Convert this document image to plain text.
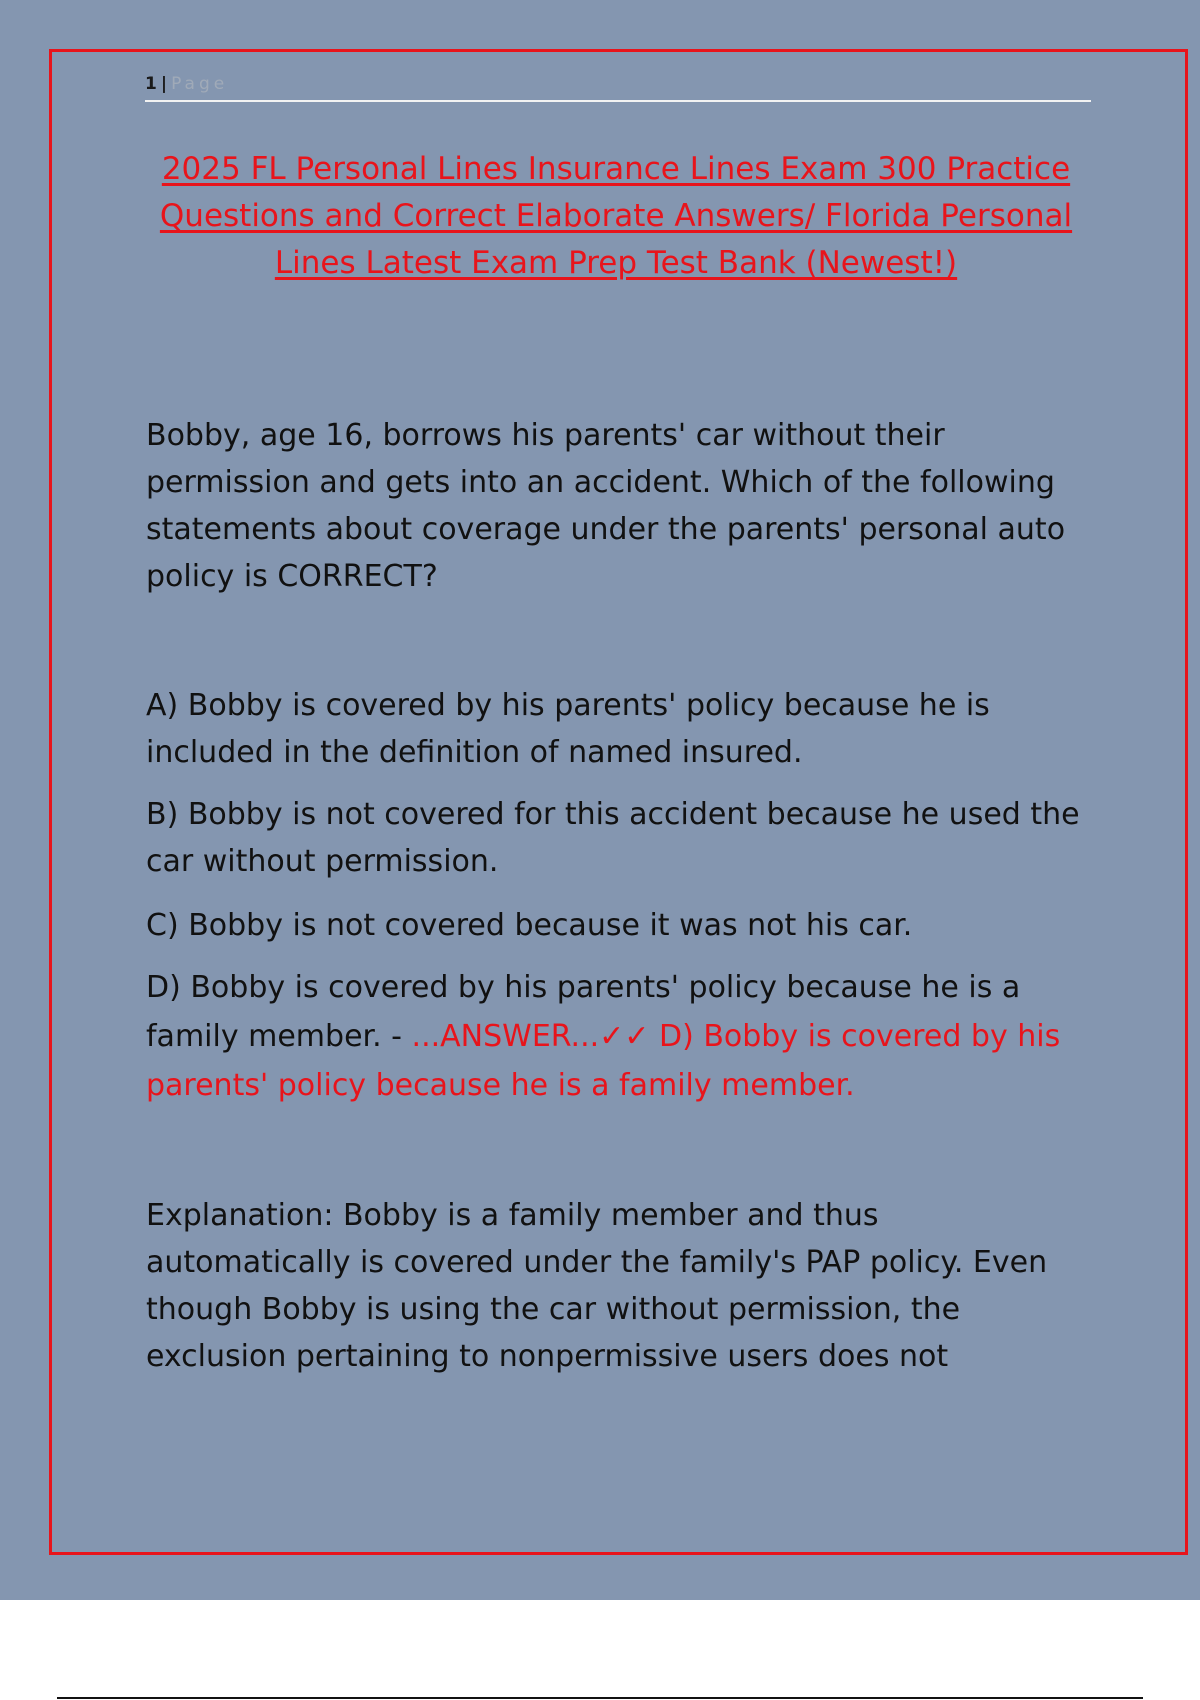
1 | Page
2025 FL Personal Lines Insurance Lines Exam 300 Practice Questions and Correct Elaborate Answers/ Florida Personal Lines Latest Exam Prep Test Bank (Newest!)

Bobby, age 16, borrows his parents' car without their permission and gets into an accident. Which of the following statements about coverage under the parents' personal auto policy is CORRECT?

A) Bobby is covered by his parents' policy because he is included in the definition of named insured.

B) Bobby is not covered for this accident because he used the car without permission.

C) Bobby is not covered because it was not his car.

D) Bobby is covered by his parents' policy because he is a family member. - ...ANSWER...✓✓ D) Bobby is covered by his parents' policy because he is a family member.

Explanation: Bobby is a family member and thus automatically is covered under the family's PAP policy. Even though Bobby is using the car without permission, the exclusion pertaining to nonpermissive users does not
